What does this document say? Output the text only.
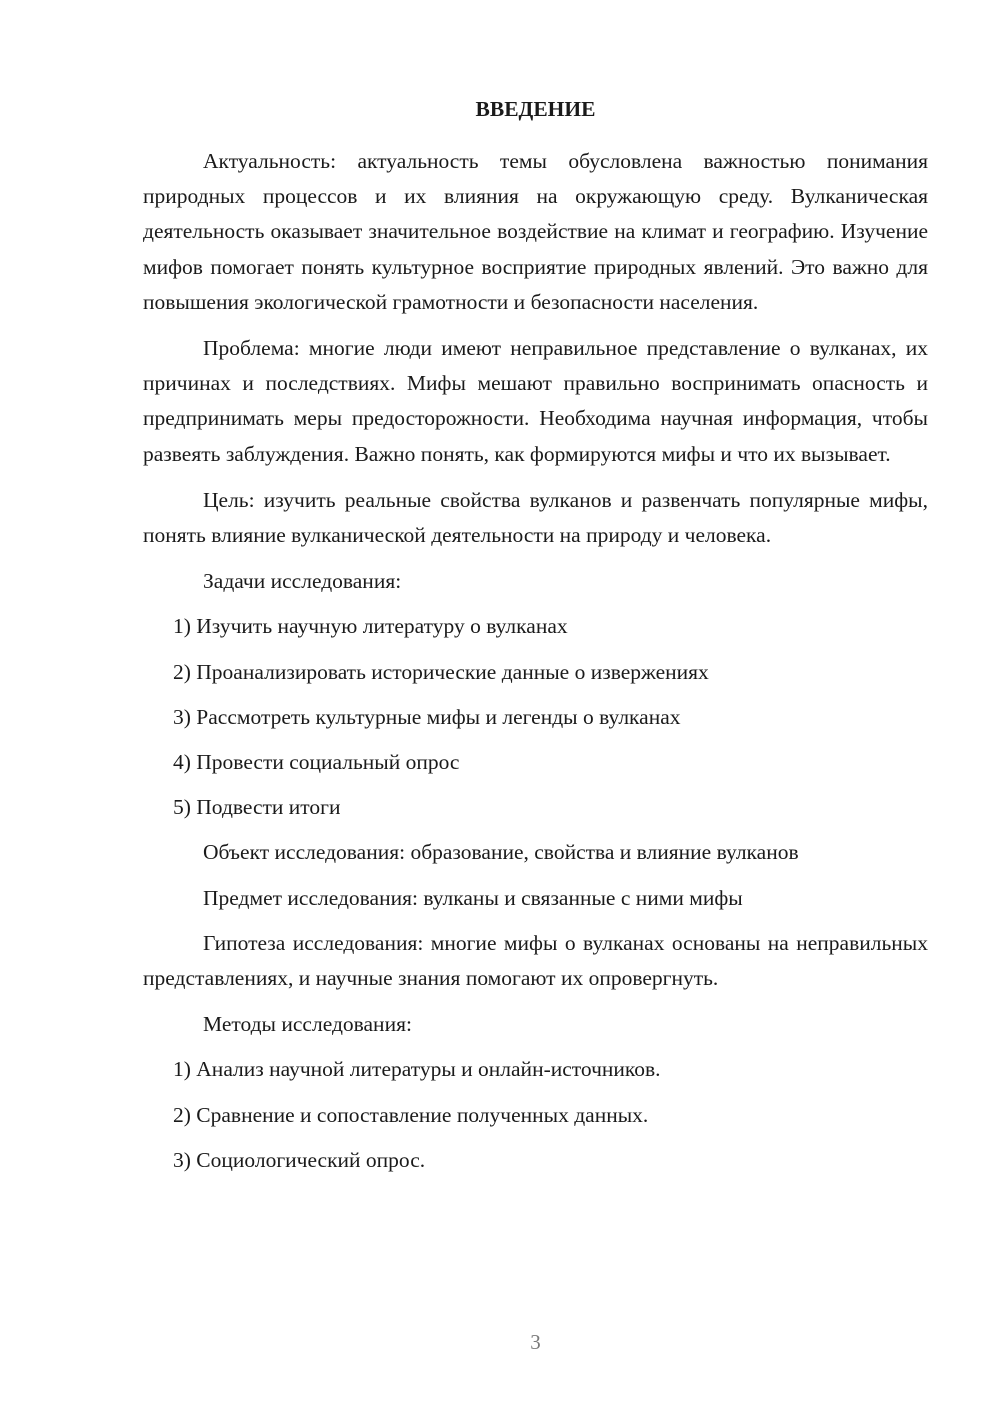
ВВЕДЕНИЕ

Актуальность: актуальность темы обусловлена важностью понимания природных процессов и их влияния на окружающую среду. Вулканическая деятельность оказывает значительное воздействие на климат и географию. Изучение мифов помогает понять культурное восприятие природных явлений. Это важно для повышения экологической грамотности и безопасности населения.

Проблема: многие люди имеют неправильное представление о вулканах, их причинах и последствиях. Мифы мешают правильно воспринимать опасность и предпринимать меры предосторожности. Необходима научная информация, чтобы развеять заблуждения. Важно понять, как формируются мифы и что их вызывает.

Цель: изучить реальные свойства вулканов и развенчать популярные мифы, понять влияние вулканической деятельности на природу и человека.

Задачи исследования:
1) Изучить научную литературу о вулканах
2) Проанализировать исторические данные о извержениях
3) Рассмотреть культурные мифы и легенды о вулканах
4) Провести социальный опрос
5) Подвести итоги
Объект исследования: образование, свойства и влияние вулканов
Предмет исследования: вулканы и связанные с ними мифы

Гипотеза исследования: многие мифы о вулканах основаны на неправильных представлениях, и научные знания помогают их опровергнуть.

Методы исследования:
1) Анализ научной литературы и онлайн-источников.
2) Сравнение и сопоставление полученных данных.
3) Социологический опрос.
3
